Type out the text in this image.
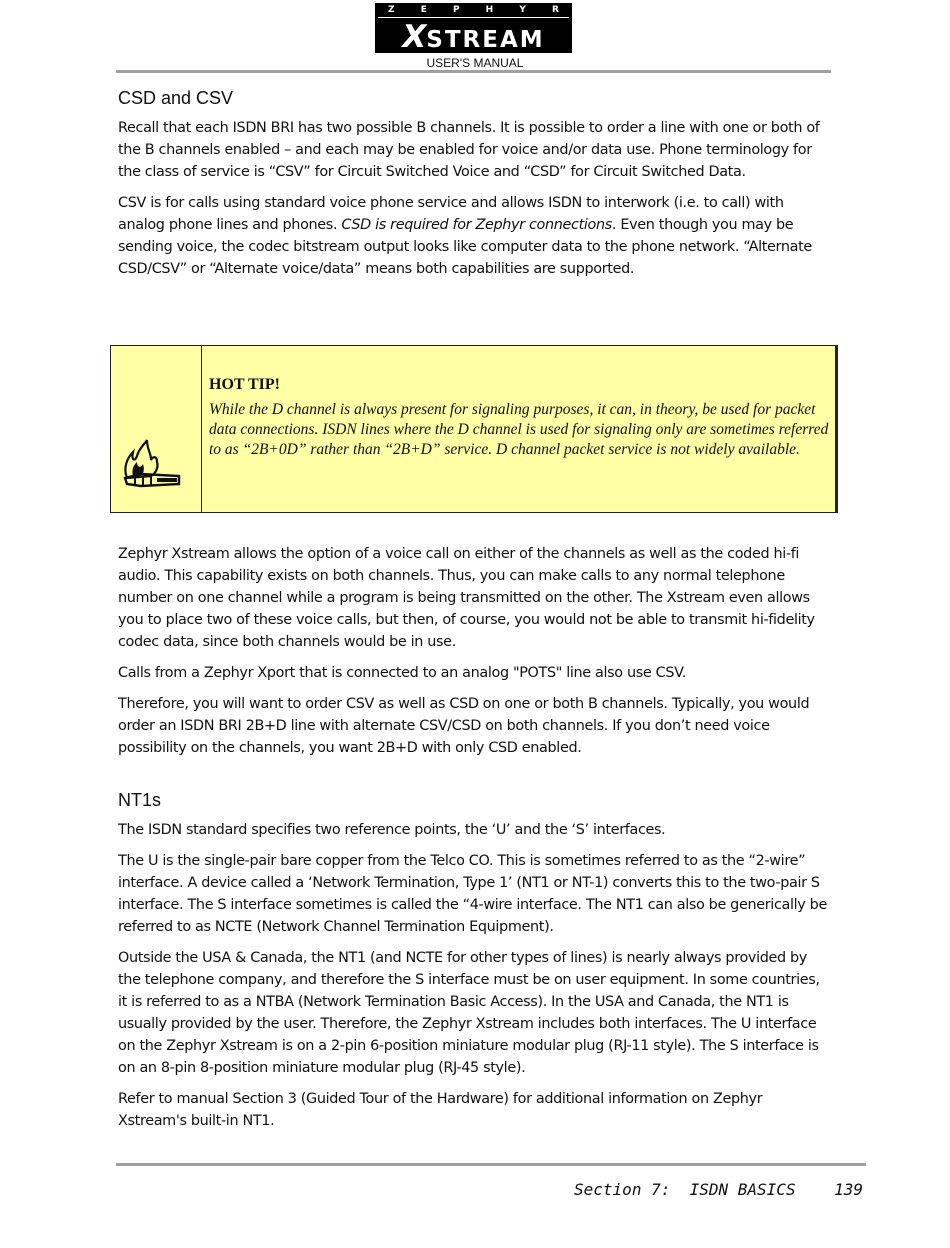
Z	E	P	H	Y	R
XSTREAM
USER'S MANUAL
CSD and CSV

Recall that each ISDN BRI has two possible B channels. It is possible to order a line with one or both of the B channels enabled – and each may be enabled for voice and/or data use. Phone terminology for the class of service is “CSV” for Circuit Switched Voice and “CSD” for Circuit Switched Data.

CSV is for calls using standard voice phone service and allows ISDN to interwork (i.e. to call) with analog phone lines and phones. CSD is required for Zephyr connections. Even though you may be sending voice, the codec bitstream output looks like computer data to the phone network. “Alternate CSD/CSV” or “Alternate voice/data” means both capabilities are supported.

HOT TIP!
While the D channel is always present for signaling purposes, it can, in theory, be used for packet data connections. ISDN lines where the D channel is used for signaling only are sometimes referred to as “2B+0D” rather than “2B+D” service. D channel packet service is not widely available.

Zephyr Xstream allows the option of a voice call on either of the channels as well as the coded hi-fi audio. This capability exists on both channels. Thus, you can make calls to any normal telephone number on one channel while a program is being transmitted on the other. The Xstream even allows you to place two of these voice calls, but then, of course, you would not be able to transmit hi-fidelity codec data, since both channels would be in use.

Calls from a Zephyr Xport that is connected to an analog "POTS" line also use CSV.

Therefore, you will want to order CSV as well as CSD on one or both B channels. Typically, you would order an ISDN BRI 2B+D line with alternate CSV/CSD on both channels. If you don’t need voice possibility on the channels, you want 2B+D with only CSD enabled.

NT1s

The ISDN standard specifies two reference points, the ‘U’ and the ‘S’ interfaces.

The U is the single-pair bare copper from the Telco CO. This is sometimes referred to as the “2-wire” interface. A device called a ‘Network Termination, Type 1’ (NT1 or NT-1) converts this to the two-pair S interface. The S interface sometimes is called the “4-wire interface. The NT1 can also be generically be referred to as NCTE (Network Channel Termination Equipment).

Outside the USA & Canada, the NT1 (and NCTE for other types of lines) is nearly always provided by the telephone company, and therefore the S interface must be on user equipment. In some countries, it is referred to as a NTBA (Network Termination Basic Access). In the USA and Canada, the NT1 is usually provided by the user. Therefore, the Zephyr Xstream includes both interfaces. The U interface on the Zephyr Xstream is on a 2-pin 6-position miniature modular plug (RJ-11 style). The S interface is on an 8-pin 8-position miniature modular plug (RJ-45 style).

Refer to manual Section 3 (Guided Tour of the Hardware) for additional information on Zephyr Xstream's built-in NT1.

Section 7:  ISDN BASICS    139
